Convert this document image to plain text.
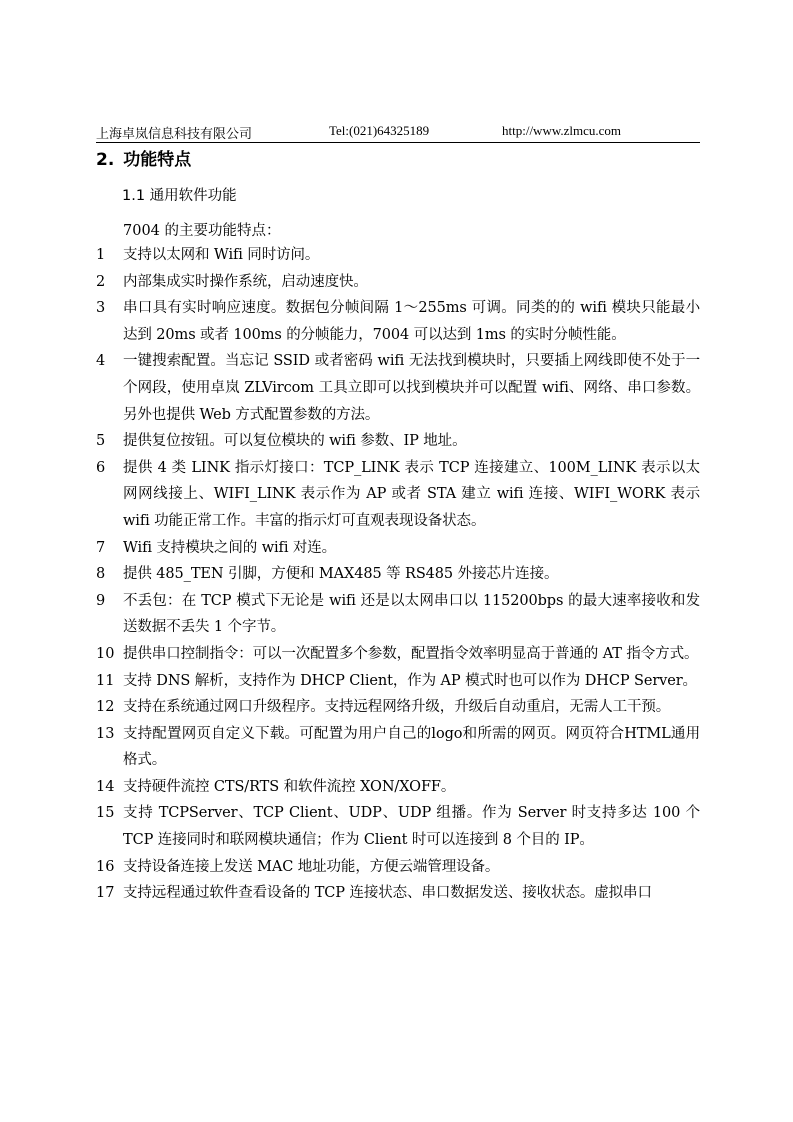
上海卓岚信息科技有限公司	Tel:(021)64325189	http://www.zlmcu.com
2. 功能特点
1.1 通用软件功能
7004 的主要功能特点：
1	支持以太网和 Wifi 同时访问。
2	内部集成实时操作系统，启动速度快。
3	串口具有实时响应速度。数据包分帧间隔 1～255ms 可调。同类的的 wifi 模块只能最小达到 20ms 或者 100ms 的分帧能力，7004 可以达到 1ms 的实时分帧性能。
4	一键搜索配置。当忘记 SSID 或者密码 wifi 无法找到模块时，只要插上网线即使不处于一个网段，使用卓岚 ZLVircom 工具立即可以找到模块并可以配置 wifi、网络、串口参数。另外也提供 Web 方式配置参数的方法。
5	提供复位按钮。可以复位模块的 wifi 参数、IP 地址。
6	提供 4 类 LINK 指示灯接口：TCP_LINK 表示 TCP 连接建立、100M_LINK 表示以太网网线接上、WIFI_LINK 表示作为 AP 或者 STA 建立 wifi 连接、WIFI_WORK 表示 wifi 功能正常工作。丰富的指示灯可直观表现设备状态。
7	Wifi 支持模块之间的 wifi 对连。
8	提供 485_TEN 引脚，方便和 MAX485 等 RS485 外接芯片连接。
9	不丢包：在 TCP 模式下无论是 wifi 还是以太网串口以 115200bps 的最大速率接收和发送数据不丢失 1 个字节。
10 提供串口控制指令：可以一次配置多个参数，配置指令效率明显高于普通的 AT 指令方式。
11 支持 DNS 解析，支持作为 DHCP Client，作为 AP 模式时也可以作为 DHCP Server。
12 支持在系统通过网口升级程序。支持远程网络升级，升级后自动重启，无需人工干预。
13 支持配置网页自定义下载。可配置为用户自己的logo和所需的网页。网页符合HTML通用格式。
14 支持硬件流控 CTS/RTS 和软件流控 XON/XOFF。
15 支持 TCPServer、TCP Client、UDP、UDP 组播。作为 Server 时支持多达 100 个 TCP 连接同时和联网模块通信；作为 Client 时可以连接到 8 个目的 IP。
16 支持设备连接上发送 MAC 地址功能，方便云端管理设备。
17 支持远程通过软件查看设备的 TCP 连接状态、串口数据发送、接收状态。虚拟串口
